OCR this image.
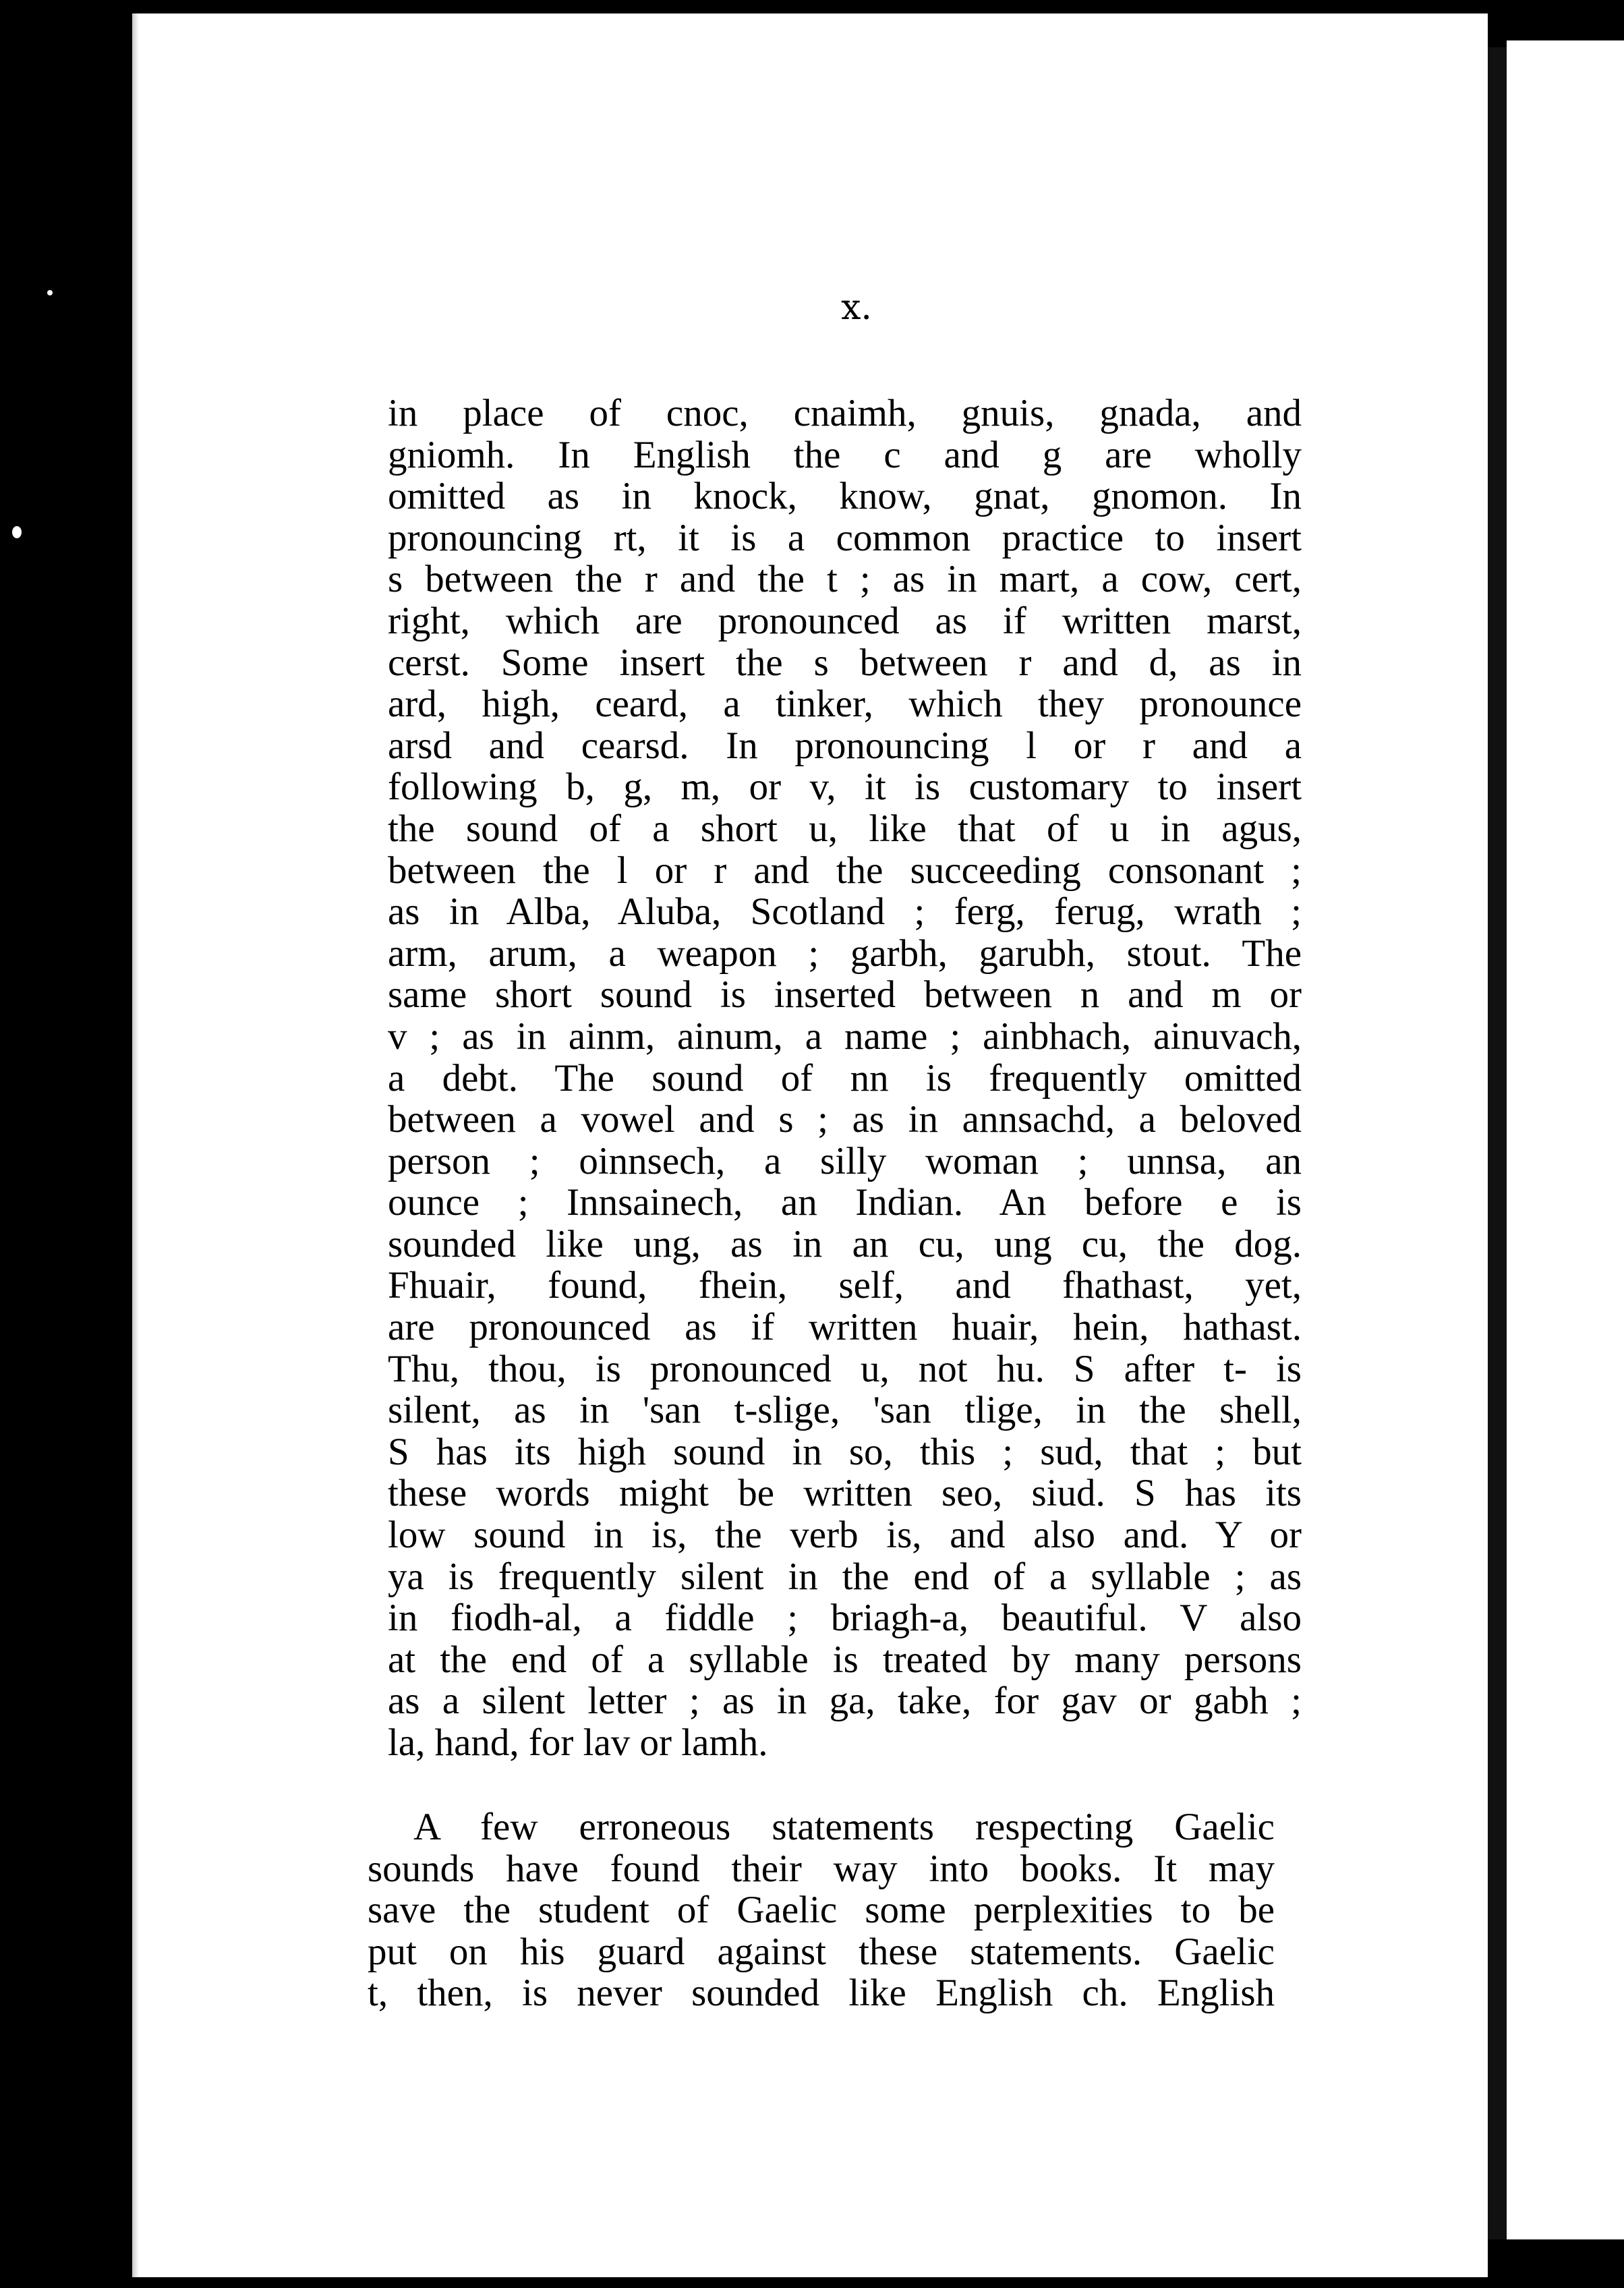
x.
in place of cnoc, cnaimh, gnuis, gnada, and
gniomh. In English the c and g are wholly
omitted as in knock, know, gnat, gnomon. In
pronouncing rt, it is a common practice to insert
s between the r and the t ; as in mart, a cow, cert,
right, which are pronounced as if written marst,
cerst. Some insert the s between r and d, as in
ard, high, ceard, a tinker, which they pronounce
arsd and cearsd. In pronouncing l or r and a
following b, g, m, or v, it is customary to insert
the sound of a short u, like that of u in agus,
between the l or r and the succeeding consonant ;
as in Alba, Aluba, Scotland ; ferg, ferug, wrath ;
arm, arum, a weapon ; garbh, garubh, stout. The
same short sound is inserted between n and m or
v ; as in ainm, ainum, a name ; ainbhach, ainuvach,
a debt. The sound of nn is frequently omitted
between a vowel and s ; as in annsachd, a beloved
person ; oinnsech, a silly woman ; unnsa, an
ounce ; Innsainech, an Indian. An before e is
sounded like ung, as in an cu, ung cu, the dog.
Fhuair, found, fhein, self, and fhathast, yet,
are pronounced as if written huair, hein, hathast.
Thu, thou, is pronounced u, not hu. S after t- is
silent, as in 'san t-slige, 'san tlige, in the shell,
S has its high sound in so, this ; sud, that ; but
these words might be written seo, siud. S has its
low sound in is, the verb is, and also and. Y or
ya is frequently silent in the end of a syllable ; as
in fiodh-al, a fiddle ; briagh-a, beautiful. V also
at the end of a syllable is treated by many persons
as a silent letter ; as in ga, take, for gav or gabh ;
la, hand, for lav or lamh.
A few erroneous statements respecting Gaelic
sounds have found their way into books. It may
save the student of Gaelic some perplexities to be
put on his guard against these statements. Gaelic
t, then, is never sounded like English ch. English
